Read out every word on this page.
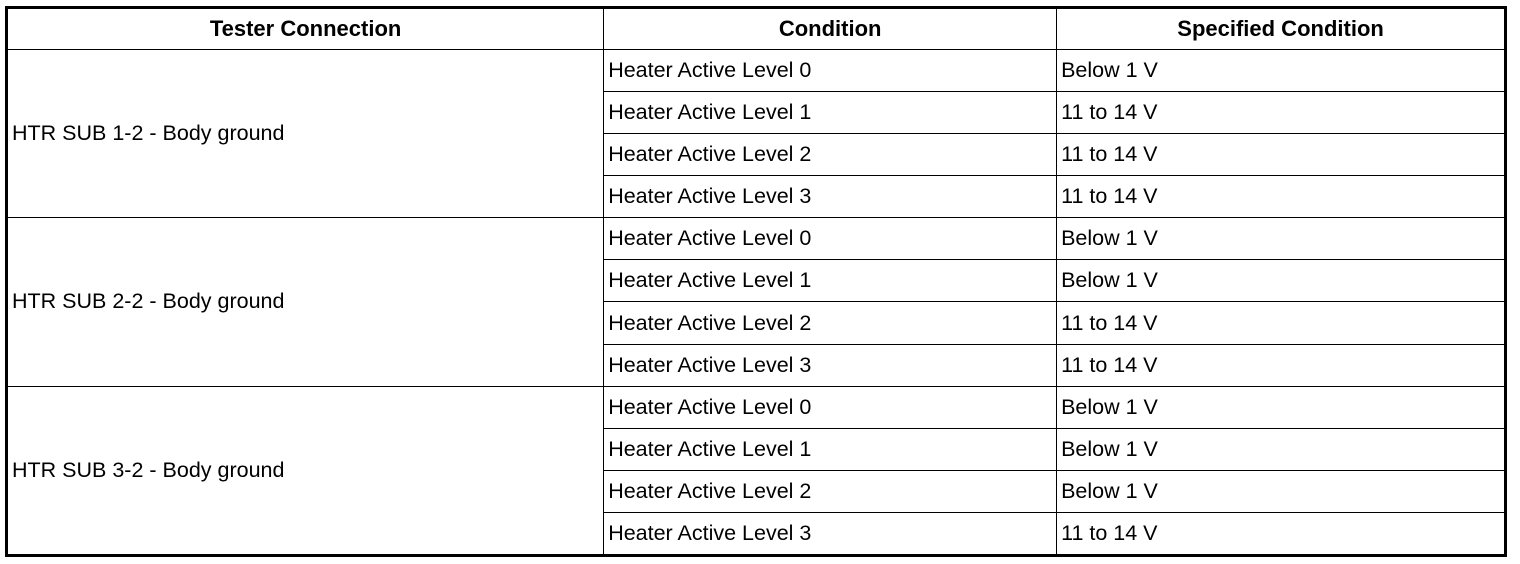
Tester Connection	Condition	Specified Condition
HTR SUB 1-2 - Body ground	Heater Active Level 0	Below 1 V
	Heater Active Level 1	11 to 14 V
	Heater Active Level 2	11 to 14 V
	Heater Active Level 3	11 to 14 V
HTR SUB 2-2 - Body ground	Heater Active Level 0	Below 1 V
	Heater Active Level 1	Below 1 V
	Heater Active Level 2	11 to 14 V
	Heater Active Level 3	11 to 14 V
HTR SUB 3-2 - Body ground	Heater Active Level 0	Below 1 V
	Heater Active Level 1	Below 1 V
	Heater Active Level 2	Below 1 V
	Heater Active Level 3	11 to 14 V
